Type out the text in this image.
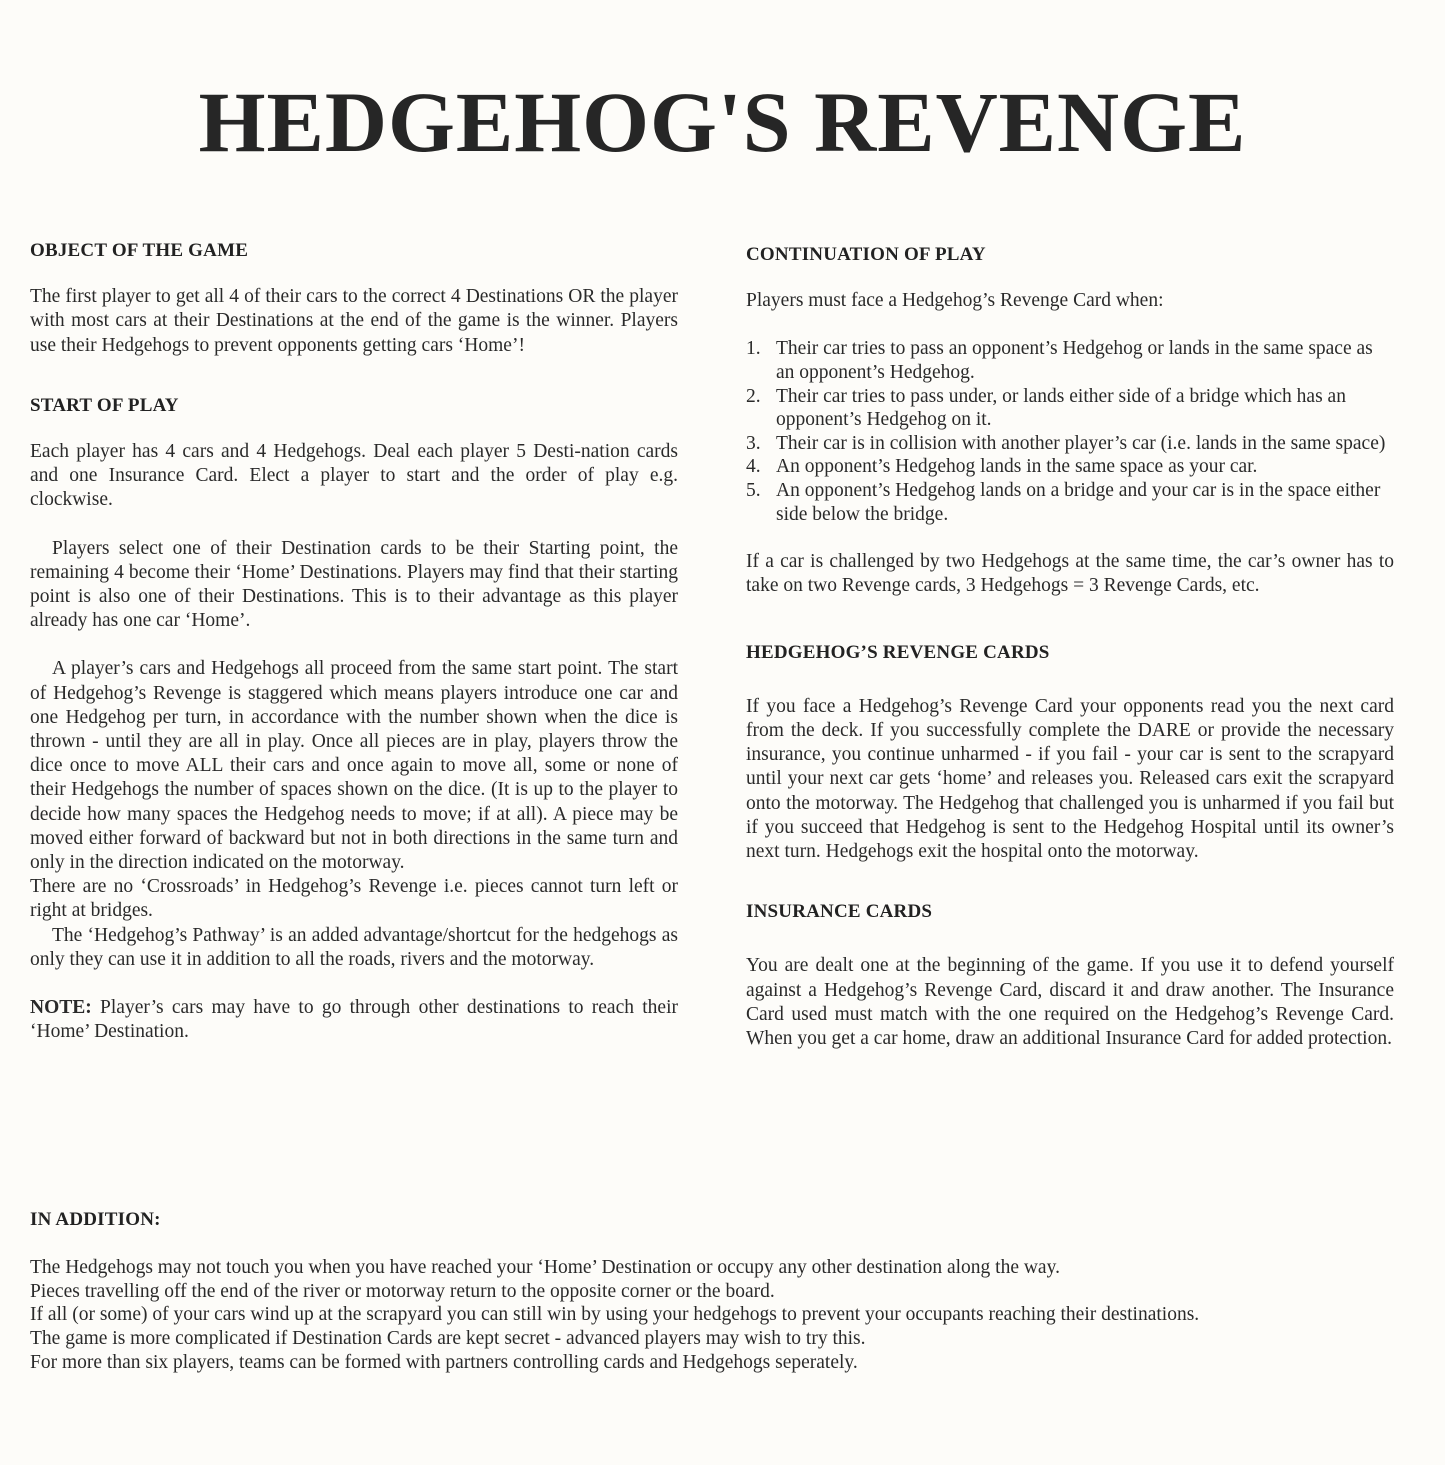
HEDGEHOG'S REVENGE
OBJECT OF THE GAME

The first player to get all 4 of their cars to the correct 4 Destinations OR the player with most cars at their Destinations at the end of the game is the winner. Players use their Hedgehogs to prevent opponents getting cars ‘Home’!

START OF PLAY

Each player has 4 cars and 4 Hedgehogs. Deal each player 5 Desti-nation cards and one Insurance Card. Elect a player to start and the order of play e.g. clockwise.

Players select one of their Destination cards to be their Starting point, the remaining 4 become their ‘Home’ Destinations. Players may find that their starting point is also one of their Destinations. This is to their advantage as this player already has one car ‘Home’.

A player’s cars and Hedgehogs all proceed from the same start point. The start of Hedgehog’s Revenge is staggered which means players introduce one car and one Hedgehog per turn, in accordance with the number shown when the dice is thrown - until they are all in play. Once all pieces are in play, players throw the dice once to move ALL their cars and once again to move all, some or none of their Hedgehogs the number of spaces shown on the dice. (It is up to the player to decide how many spaces the Hedgehog needs to move; if at all). A piece may be moved either forward of backward but not in both directions in the same turn and only in the direction indicated on the motorway.

There are no ‘Crossroads’ in Hedgehog’s Revenge i.e. pieces cannot turn left or right at bridges.

The ‘Hedgehog’s Pathway’ is an added advantage/shortcut for the hedgehogs as only they can use it in addition to all the roads, rivers and the motorway.

NOTE: Player’s cars may have to go through other destinations to reach their ‘Home’ Destination.

CONTINUATION OF PLAY

Players must face a Hedgehog’s Revenge Card when:

1. Their car tries to pass an opponent’s Hedgehog or lands in the same space as an opponent’s Hedgehog.
2. Their car tries to pass under, or lands either side of a bridge which has an opponent’s Hedgehog on it.
3. Their car is in collision with another player’s car (i.e. lands in the same space)
4. An opponent’s Hedgehog lands in the same space as your car.
5. An opponent’s Hedgehog lands on a bridge and your car is in the space either side below the bridge.

If a car is challenged by two Hedgehogs at the same time, the car’s owner has to take on two Revenge cards, 3 Hedgehogs = 3 Revenge Cards, etc.

HEDGEHOG’S REVENGE CARDS

If you face a Hedgehog’s Revenge Card your opponents read you the next card from the deck. If you successfully complete the DARE or provide the necessary insurance, you continue unharmed - if you fail - your car is sent to the scrapyard until your next car gets ‘home’ and releases you. Released cars exit the scrapyard onto the motorway. The Hedgehog that challenged you is unharmed if you fail but if you succeed that Hedgehog is sent to the Hedgehog Hospital until its owner’s next turn. Hedgehogs exit the hospital onto the motorway.

INSURANCE CARDS

You are dealt one at the beginning of the game. If you use it to defend yourself against a Hedgehog’s Revenge Card, discard it and draw another. The Insurance Card used must match with the one required on the Hedgehog’s Revenge Card. When you get a car home, draw an additional Insurance Card for added protection.

IN ADDITION:
The Hedgehogs may not touch you when you have reached your ‘Home’ Destination or occupy any other destination along the way.
Pieces travelling off the end of the river or motorway return to the opposite corner or the board.
If all (or some) of your cars wind up at the scrapyard you can still win by using your hedgehogs to prevent your occupants reaching their destinations.
The game is more complicated if Destination Cards are kept secret - advanced players may wish to try this.
For more than six players, teams can be formed with partners controlling cards and Hedgehogs seperately.
